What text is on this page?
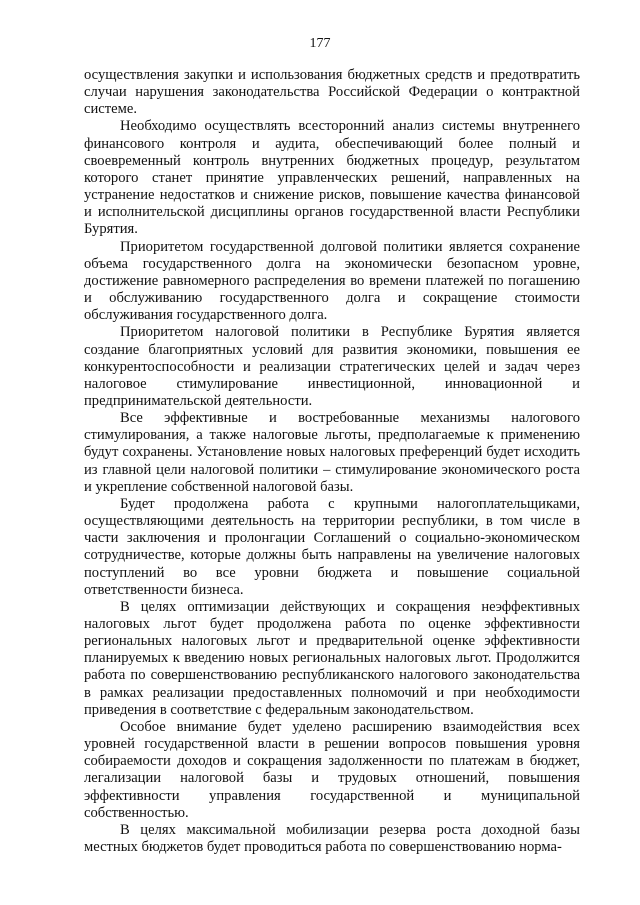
177

осуществления закупки и использования бюджетных средств и предотвратить случаи нарушения законодательства Российской Федерации о контрактной системе.

Необходимо осуществлять всесторонний анализ системы внутреннего финансового контроля и аудита, обеспечивающий более полный и своевременный контроль внутренних бюджетных процедур, результатом которого станет принятие управленческих решений, направленных на устранение недостатков и снижение рисков, повышение качества финансовой и исполнительской дисциплины органов государственной власти Республики Бурятия.

Приоритетом государственной долговой политики является сохранение объема государственного долга на экономически безопасном уровне, достижение равномерного распределения во времени платежей по погашению и обслуживанию государственного долга и сокращение стоимости обслуживания государственного долга.

Приоритетом налоговой политики в Республике Бурятия является создание благоприятных условий для развития экономики, повышения ее конкурентоспособности и реализации стратегических целей и задач через налоговое стимулирование инвестиционной, инновационной и предпринимательской деятельности.

Все эффективные и востребованные механизмы налогового стимулирования, а также налоговые льготы, предполагаемые к применению будут сохранены. Установление новых налоговых преференций будет исходить из главной цели налоговой политики – стимулирование экономического роста и укрепление собственной налоговой базы.

Будет продолжена работа с крупными налогоплательщиками, осуществляющими деятельность на территории республики, в том числе в части заключения и пролонгации Соглашений о социально-экономическом сотрудничестве, которые должны быть направлены на увеличение налоговых поступлений во все уровни бюджета и повышение социальной ответственности бизнеса.

В целях оптимизации действующих и сокращения неэффективных налоговых льгот будет продолжена работа по оценке эффективности региональных налоговых льгот и предварительной оценке эффективности планируемых к введению новых региональных налоговых льгот. Продолжится работа по совершенствованию республиканского налогового законодательства в рамках реализации предоставленных полномочий и при необходимости приведения в соответствие с федеральным законодательством.

Особое внимание будет уделено расширению взаимодействия всех уровней государственной власти в решении вопросов повышения уровня собираемости доходов и сокращения задолженности по платежам в бюджет, легализации налоговой базы и трудовых отношений, повышения эффективности управления государственной и муниципальной собственностью.

В целях максимальной мобилизации резерва роста доходной базы местных бюджетов будет проводиться работа по совершенствованию норма-
